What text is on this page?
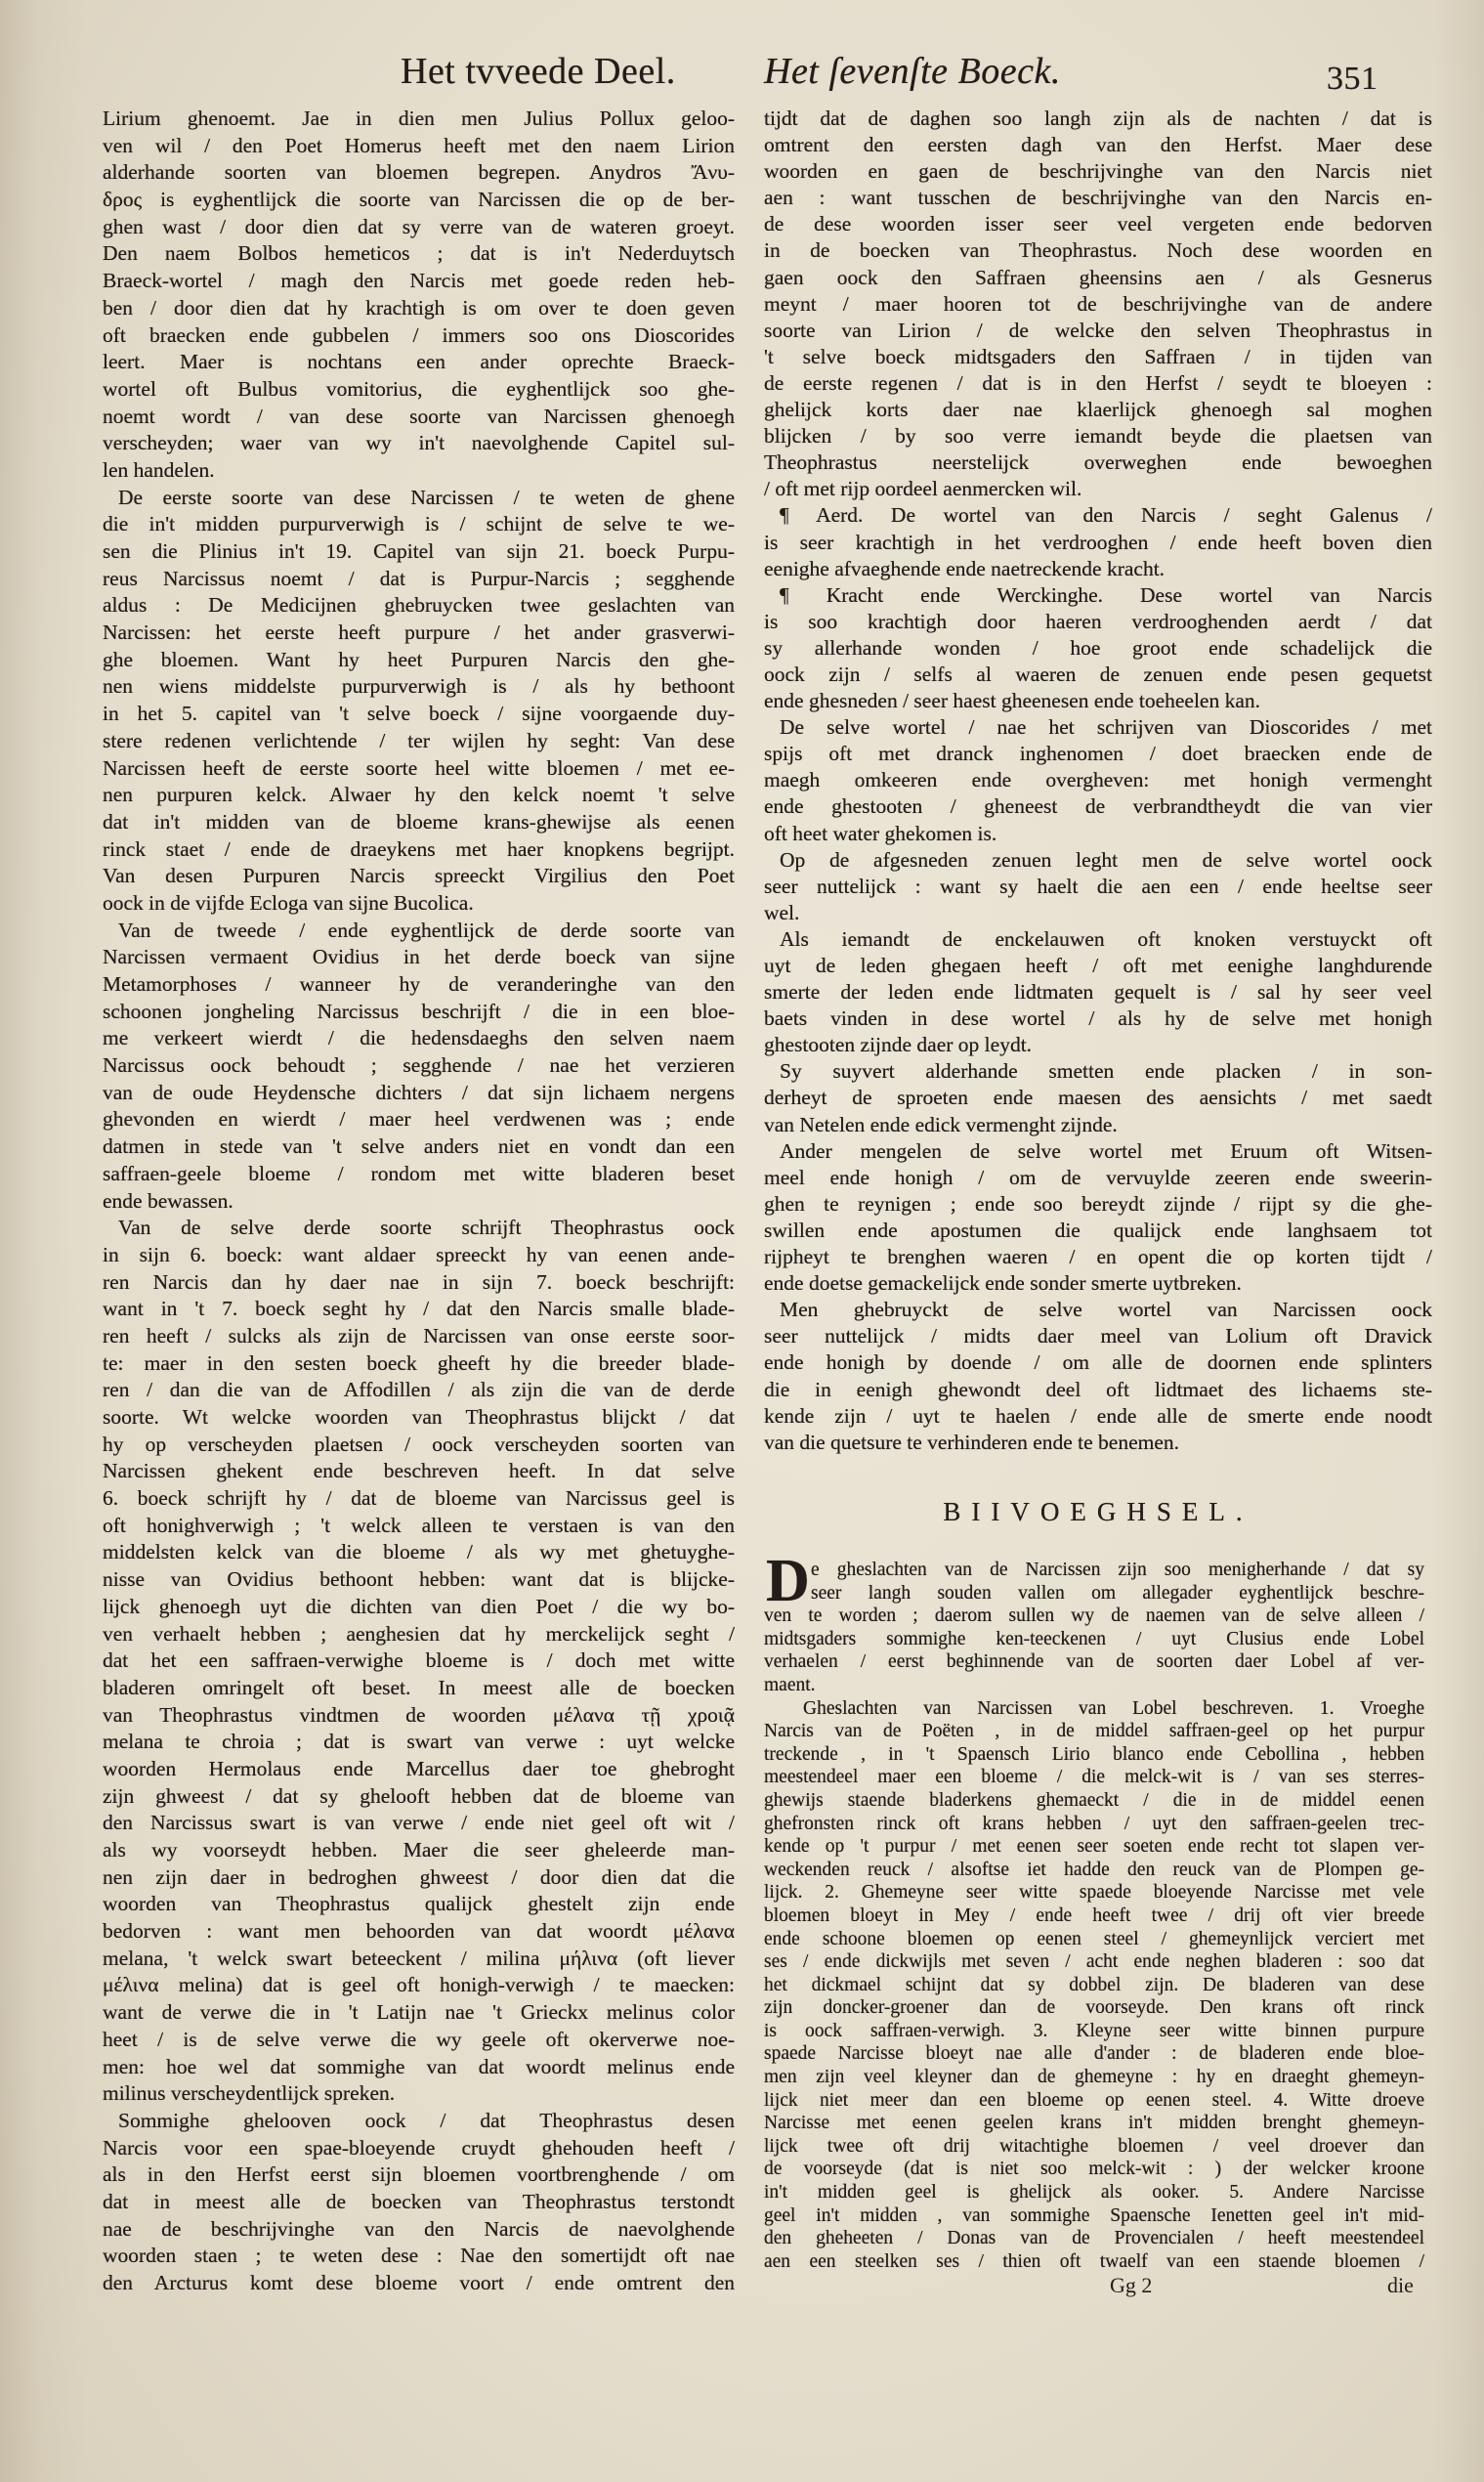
Het tvveede Deel. Het ſevenſte Boeck.	351
Lirium ghenoemt. Jae in dien men Julius Pollux geloo-
ven wil / den Poet Homerus heeft met den naem Lirion
alderhande soorten van bloemen begrepen. Anydros Ἄνυ-
δρος is eyghentlijck die soorte van Narcissen die op de ber-
ghen wast / door dien dat sy verre van de wateren groeyt.
Den naem Bolbos hemeticos ; dat is in't Nederduytsch
Braeck-wortel / magh den Narcis met goede reden heb-
ben / door dien dat hy krachtigh is om over te doen geven
oft braecken ende gubbelen / immers soo ons Dioscorides
leert. Maer is nochtans een ander oprechte Braeck-
wortel oft Bulbus vomitorius, die eyghentlijck soo ghe-
noemt wordt / van dese soorte van Narcissen ghenoegh
verscheyden; waer van wy in't naevolghende Capitel sul-
len handelen.
De eerste soorte van dese Narcissen / te weten de ghene
die in't midden purpurverwigh is / schijnt de selve te we-
sen die Plinius in't 19. Capitel van sijn 21. boeck Purpu-
reus Narcissus noemt / dat is Purpur-Narcis ; segghende
aldus : De Medicijnen ghebruycken twee geslachten van
Narcissen: het eerste heeft purpure / het ander grasverwi-
ghe bloemen. Want hy heet Purpuren Narcis den ghe-
nen wiens middelste purpurverwigh is / als hy bethoont
in het 5. capitel van 't selve boeck / sijne voorgaende duy-
stere redenen verlichtende / ter wijlen hy seght: Van dese
Narcissen heeft de eerste soorte heel witte bloemen / met ee-
nen purpuren kelck. Alwaer hy den kelck noemt 't selve
dat in't midden van de bloeme krans-ghewijse als eenen
rinck staet / ende de draeykens met haer knopkens begrijpt.
Van desen Purpuren Narcis spreeckt Virgilius den Poet
oock in de vijfde Ecloga van sijne Bucolica.
Van de tweede / ende eyghentlijck de derde soorte van
Narcissen vermaent Ovidius in het derde boeck van sijne
Metamorphoses / wanneer hy de veranderinghe van den
schoonen jongheling Narcissus beschrijft / die in een bloe-
me verkeert wierdt / die hedensdaeghs den selven naem
Narcissus oock behoudt ; segghende / nae het verzieren
van de oude Heydensche dichters / dat sijn lichaem nergens
ghevonden en wierdt / maer heel verdwenen was ; ende
datmen in stede van 't selve anders niet en vondt dan een
saffraen-geele bloeme / rondom met witte bladeren beset
ende bewassen.
Van de selve derde soorte schrijft Theophrastus oock
in sijn 6. boeck: want aldaer spreeckt hy van eenen ande-
ren Narcis dan hy daer nae in sijn 7. boeck beschrijft:
want in 't 7. boeck seght hy / dat den Narcis smalle blade-
ren heeft / sulcks als zijn de Narcissen van onse eerste soor-
te: maer in den sesten boeck gheeft hy die breeder blade-
ren / dan die van de Affodillen / als zijn die van de derde
soorte. Wt welcke woorden van Theophrastus blijckt / dat
hy op verscheyden plaetsen / oock verscheyden soorten van
Narcissen ghekent ende beschreven heeft. In dat selve
6. boeck schrijft hy / dat de bloeme van Narcissus geel is
oft honighverwigh ; 't welck alleen te verstaen is van den
middelsten kelck van die bloeme / als wy met ghetuyghe-
nisse van Ovidius bethoont hebben: want dat is blijcke-
lijck ghenoegh uyt die dichten van dien Poet / die wy bo-
ven verhaelt hebben ; aenghesien dat hy merckelijck seght /
dat het een saffraen-verwighe bloeme is / doch met witte
bladeren omringelt oft beset. In meest alle de boecken
van Theophrastus vindtmen de woorden μέλανα τῇ χροιᾷ
melana te chroia ; dat is swart van verwe : uyt welcke
woorden Hermolaus ende Marcellus daer toe ghebroght
zijn ghweest / dat sy ghelooft hebben dat de bloeme van
den Narcissus swart is van verwe / ende niet geel oft wit /
als wy voorseydt hebben. Maer die seer gheleerde man-
nen zijn daer in bedroghen ghweest / door dien dat die
woorden van Theophrastus qualijck ghestelt zijn ende
bedorven : want men behoorden van dat woordt μέλανα
melana, 't welck swart beteeckent / milina μήλινα (oft liever
μέλινα melina) dat is geel oft honigh-verwigh / te maecken:
want de verwe die in 't Latijn nae 't Grieckx melinus color
heet / is de selve verwe die wy geele oft okerverwe noe-
men: hoe wel dat sommighe van dat woordt melinus ende
milinus verscheydentlijck spreken.
Sommighe ghelooven oock / dat Theophrastus desen
Narcis voor een spae-bloeyende cruydt ghehouden heeft /
als in den Herfst eerst sijn bloemen voortbrenghende / om
dat in meest alle de boecken van Theophrastus terstondt
nae de beschrijvinghe van den Narcis de naevolghende
woorden staen ; te weten dese : Nae den somertijdt oft nae
den Arcturus komt dese bloeme voort / ende omtrent den
tijdt dat de daghen soo langh zijn als de nachten / dat is
omtrent den eersten dagh van den Herfst. Maer dese
woorden en gaen de beschrijvinghe van den Narcis niet
aen : want tusschen de beschrijvinghe van den Narcis en-
de dese woorden isser seer veel vergeten ende bedorven
in de boecken van Theophrastus. Noch dese woorden en
gaen oock den Saffraen gheensins aen / als Gesnerus
meynt / maer hooren tot de beschrijvinghe van de andere
soorte van Lirion / de welcke den selven Theophrastus in
't selve boeck midtsgaders den Saffraen / in tijden van
de eerste regenen / dat is in den Herfst / seydt te bloeyen :
ghelijck korts daer nae klaerlijck ghenoegh sal moghen
blijcken / by soo verre iemandt beyde die plaetsen van
Theophrastus neerstelijck overweghen ende bewoeghen
/ oft met rijp oordeel aenmercken wil.
¶ Aerd. De wortel van den Narcis / seght Galenus /
is seer krachtigh in het verdrooghen / ende heeft boven dien
eenighe afvaeghende ende naetreckende kracht.
¶ Kracht ende Werckinghe. Dese wortel van Narcis
is soo krachtigh door haeren verdrooghenden aerdt / dat
sy allerhande wonden / hoe groot ende schadelijck die
oock zijn / selfs al waeren de zenuen ende pesen gequetst
ende ghesneden / seer haest gheenesen ende toeheelen kan.
De selve wortel / nae het schrijven van Dioscorides / met
spijs oft met dranck inghenomen / doet braecken ende de
maegh omkeeren ende overgheven: met honigh vermenght
ende ghestooten / gheneest de verbrandtheydt die van vier
oft heet water ghekomen is.
Op de afgesneden zenuen leght men de selve wortel oock
seer nuttelijck : want sy haelt die aen een / ende heeltse seer
wel.
Als iemandt de enckelauwen oft knoken verstuyckt oft
uyt de leden ghegaen heeft / oft met eenighe langhdurende
smerte der leden ende lidtmaten gequelt is / sal hy seer veel
baets vinden in dese wortel / als hy de selve met honigh
ghestooten zijnde daer op leydt.
Sy suyvert alderhande smetten ende placken / in son-
derheyt de sproeten ende maesen des aensichts / met saedt
van Netelen ende edick vermenght zijnde.
Ander mengelen de selve wortel met Eruum oft Witsen-
meel ende honigh / om de vervuylde zeeren ende sweerin-
ghen te reynigen ; ende soo bereydt zijnde / rijpt sy die ghe-
swillen ende apostumen die qualijck ende langhsaem tot
rijpheyt te brenghen waeren / en opent die op korten tijdt /
ende doetse gemackelijck ende sonder smerte uytbreken.
Men ghebruyckt de selve wortel van Narcissen oock
seer nuttelijck / midts daer meel van Lolium oft Dravick
ende honigh by doende / om alle de doornen ende splinters
die in eenigh ghewondt deel oft lidtmaet des lichaems ste-
kende zijn / uyt te haelen / ende alle de smerte ende noodt
van die quetsure te verhinderen ende te benemen.
BIIVOEGHSEL.
D e gheslachten van de Narcissen zijn soo menigherhande / dat sy
seer langh souden vallen om allegader eyghentlijck beschre-
ven te worden ; daerom sullen wy de naemen van de selve alleen /
midtsgaders sommighe ken-teeckenen / uyt Clusius ende Lobel
verhaelen / eerst beghinnende van de soorten daer Lobel af ver-
maent.
Gheslachten van Narcissen van Lobel beschreven. 1. Vroeghe
Narcis van de Poëten , in de middel saffraen-geel op het purpur
treckende , in 't Spaensch Lirio blanco ende Cebollina , hebben
meestendeel maer een bloeme / die melck-wit is / van ses sterres-
ghewijs staende bladerkens ghemaeckt / die in de middel eenen
ghefronsten rinck oft krans hebben / uyt den saffraen-geelen trec-
kende op 't purpur / met eenen seer soeten ende recht tot slapen ver-
weckenden reuck / alsoftse iet hadde den reuck van de Plompen ge-
lijck. 2. Ghemeyne seer witte spaede bloeyende Narcisse met vele
bloemen bloeyt in Mey / ende heeft twee / drij oft vier breede
ende schoone bloemen op eenen steel / ghemeynlijck verciert met
ses / ende dickwijls met seven / acht ende neghen bladeren : soo dat
het dickmael schijnt dat sy dobbel zijn. De bladeren van dese
zijn doncker-groener dan de voorseyde. Den krans oft rinck
is oock saffraen-verwigh. 3. Kleyne seer witte binnen purpure
spaede Narcisse bloeyt nae alle d'ander : de bladeren ende bloe-
men zijn veel kleyner dan de ghemeyne : hy en draeght ghemeyn-
lijck niet meer dan een bloeme op eenen steel. 4. Witte droeve
Narcisse met eenen geelen krans in't midden brenght ghemeyn-
lijck twee oft drij witachtighe bloemen / veel droever dan
de voorseyde (dat is niet soo melck-wit : ) der welcker kroone
in't midden geel is ghelijck als ooker. 5. Andere Narcisse
geel in't midden , van sommighe Spaensche Ienetten geel in't mid-
den gheheeten / Donas van de Provencialen / heeft meestendeel
aen een steelken ses / thien oft twaelf van een staende bloemen /
Gg 2	die
